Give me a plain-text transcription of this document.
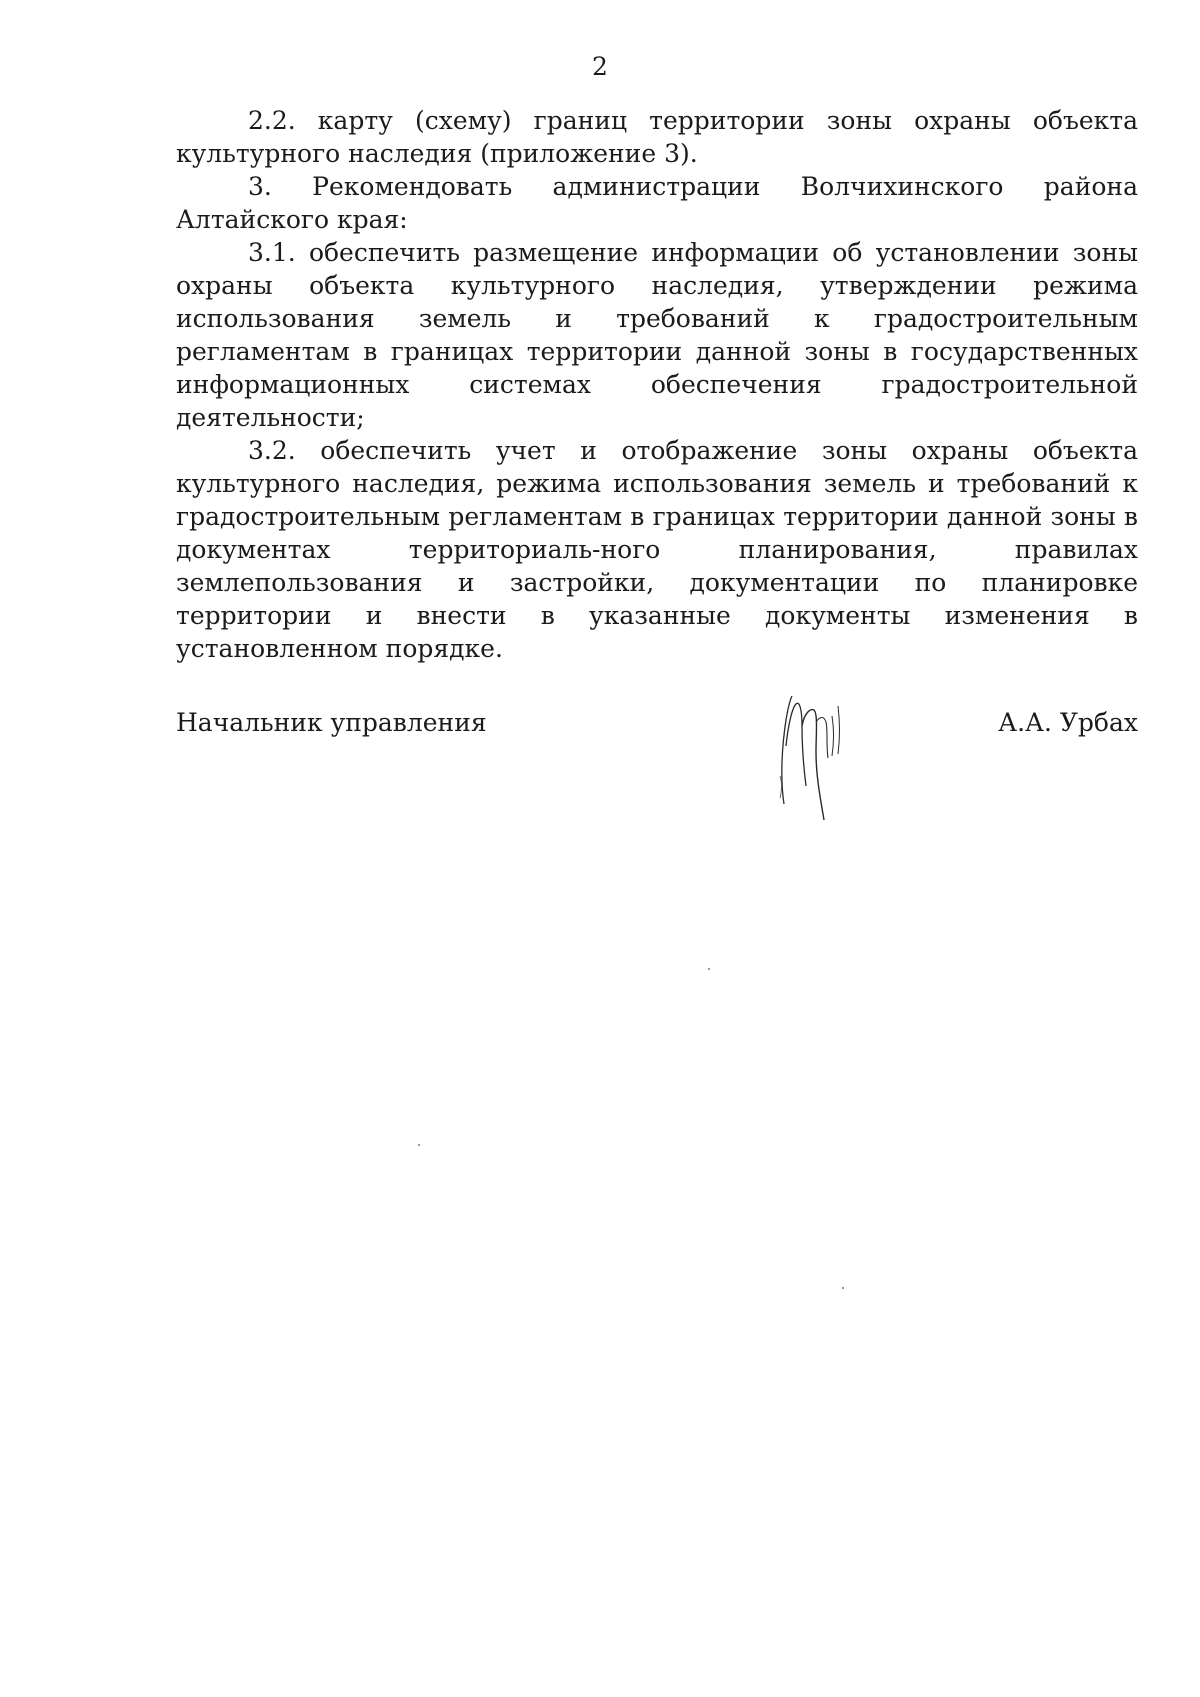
2

2.2. карту (схему) границ территории зоны охраны объекта культурного наследия (приложение 3).

3. Рекомендовать администрации Волчихинского района Алтайского края:

3.1. обеспечить размещение информации об установлении зоны охраны объекта культурного наследия, утверждении режима использования земель и требований к градостроительным регламентам в границах территории данной зоны в государственных информационных системах обеспечения градостроительной деятельности;

3.2. обеспечить учет и отображение зоны охраны объекта культурного наследия, режима использования земель и требований к градостроительным регламентам в границах территории данной зоны в документах территориаль-ного планирования, правилах землепользования и застройки, документации по планировке территории и внести в указанные документы изменения в установленном порядке.

Начальник управления	А.А. Урбах
